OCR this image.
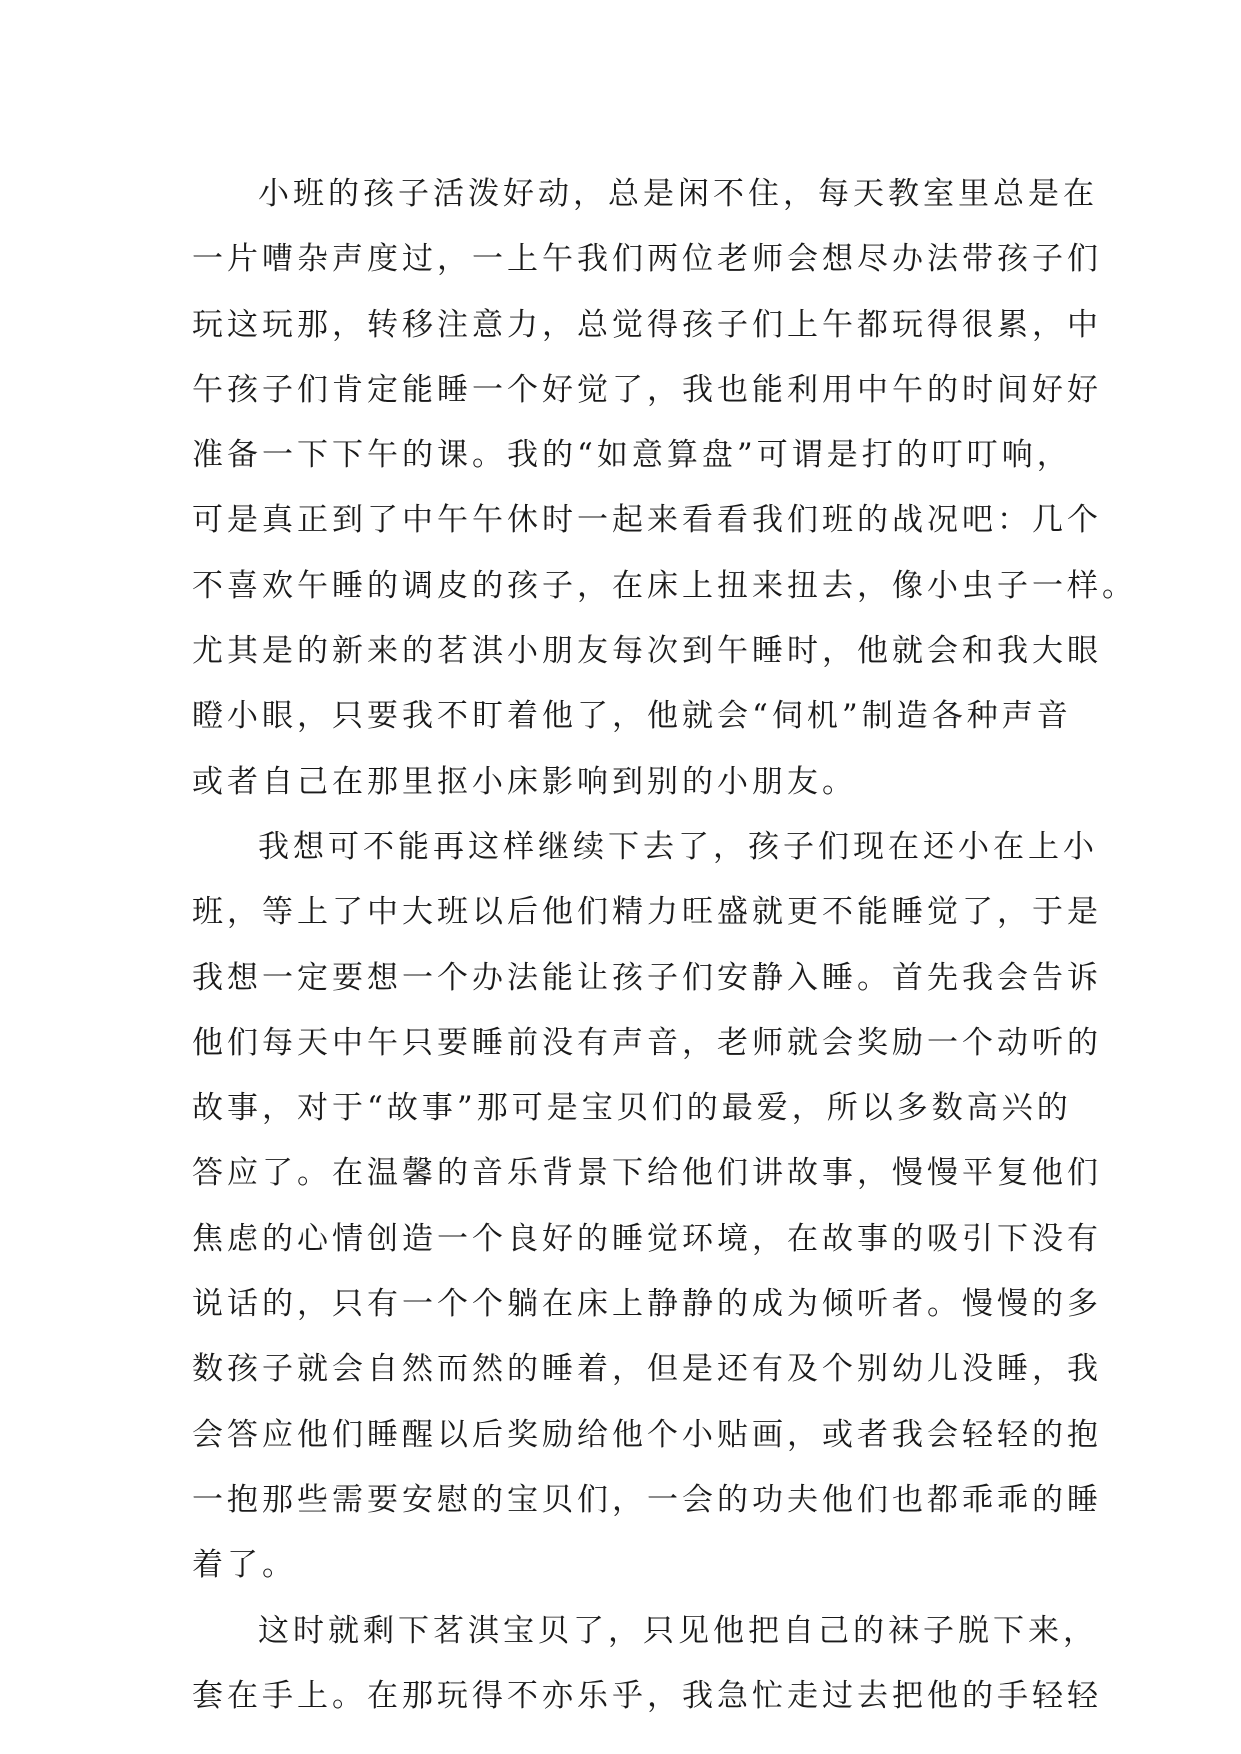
小班的孩子活泼好动，总是闲不住，每天教室里总是在
一片嘈杂声度过，一上午我们两位老师会想尽办法带孩子们
玩这玩那，转移注意力，总觉得孩子们上午都玩得很累，中
午孩子们肯定能睡一个好觉了，我也能利用中午的时间好好
准备一下下午的课。我的“如意算盘”可谓是打的叮叮响，
可是真正到了中午午休时一起来看看我们班的战况吧：几个
不喜欢午睡的调皮的孩子，在床上扭来扭去，像小虫子一样。
尤其是的新来的茗淇小朋友每次到午睡时，他就会和我大眼
瞪小眼，只要我不盯着他了，他就会“伺机”制造各种声音
或者自己在那里抠小床影响到别的小朋友。
我想可不能再这样继续下去了，孩子们现在还小在上小
班，等上了中大班以后他们精力旺盛就更不能睡觉了，于是
我想一定要想一个办法能让孩子们安静入睡。首先我会告诉
他们每天中午只要睡前没有声音，老师就会奖励一个动听的
故事，对于“故事”那可是宝贝们的最爱，所以多数高兴的
答应了。在温馨的音乐背景下给他们讲故事，慢慢平复他们
焦虑的心情创造一个良好的睡觉环境，在故事的吸引下没有
说话的，只有一个个躺在床上静静的成为倾听者。慢慢的多
数孩子就会自然而然的睡着，但是还有及个别幼儿没睡，我
会答应他们睡醒以后奖励给他个小贴画，或者我会轻轻的抱
一抱那些需要安慰的宝贝们，一会的功夫他们也都乖乖的睡
着了。
这时就剩下茗淇宝贝了，只见他把自己的袜子脱下来，
套在手上。在那玩得不亦乐乎，我急忙走过去把他的手轻轻
